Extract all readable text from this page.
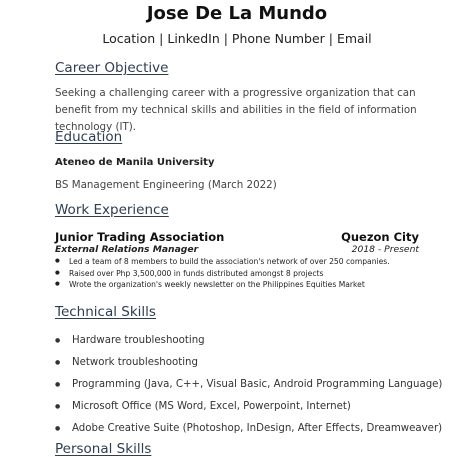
Jose De La Mundo
Location | LinkedIn | Phone Number | Email
Career Objective
Seeking a challenging career with a progressive organization that can benefit from my technical skills and abilities in the field of information technology (IT).
Education
Ateneo de Manila University
BS Management Engineering (March 2022)
Work Experience
Junior Trading Association	Quezon City
External Relations Manager	2018 - Present
● Led a team of 8 members to build the association's network of over 250 companies.
● Raised over Php 3,500,000 in funds distributed amongst 8 projects
● Wrote the organization's weekly newsletter on the Philippines Equities Market
Technical Skills
● Hardware troubleshooting
● Network troubleshooting
● Programming (Java, C++, Visual Basic, Android Programming Language)
● Microsoft Office (MS Word, Excel, Powerpoint, Internet)
● Adobe Creative Suite (Photoshop, InDesign, After Effects, Dreamweaver)
Personal Skills
